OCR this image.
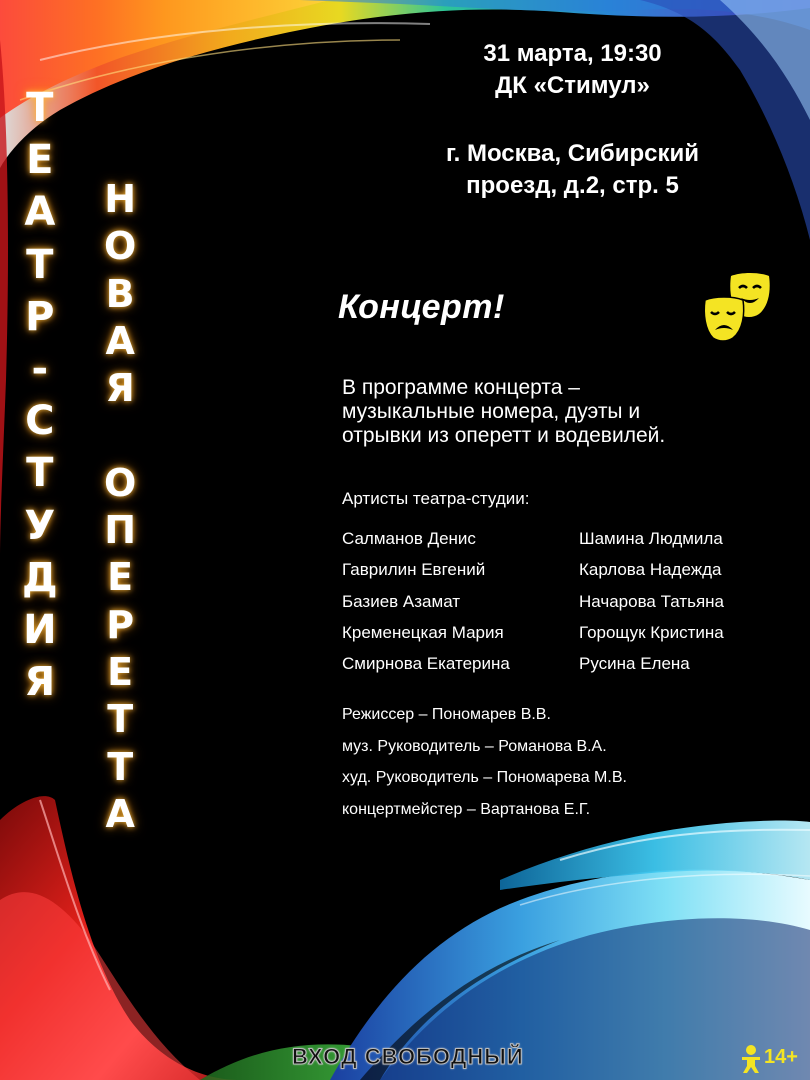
Т
Е
А
Т
Р
-
С
Т
У
Д
И
Я
Н
О
В
А
Я
О
П
Е
Р
Е
Т
Т
А
31 марта, 19:30
ДК «Стимул»
г. Москва, Сибирский
проезд, д.2, стр. 5
Концерт!
В программе концерта –
музыкальные номера, дуэты и
отрывки из оперетт и водевилей.
Артисты театра-студии:
Салманов Денис
Гаврилин Евгений
Базиев Азамат
Кременецкая Мария
Смирнова Екатерина
Шамина Людмила
Карлова Надежда
Начарова Татьяна
Горощук Кристина
Русина Елена
Режиссер – Пономарев В.В.
муз. Руководитель – Романова В.А.
худ. Руководитель – Пономарева М.В.
концертмейстер – Вартанова Е.Г.
ВХОД СВОБОДНЫЙ	14+
